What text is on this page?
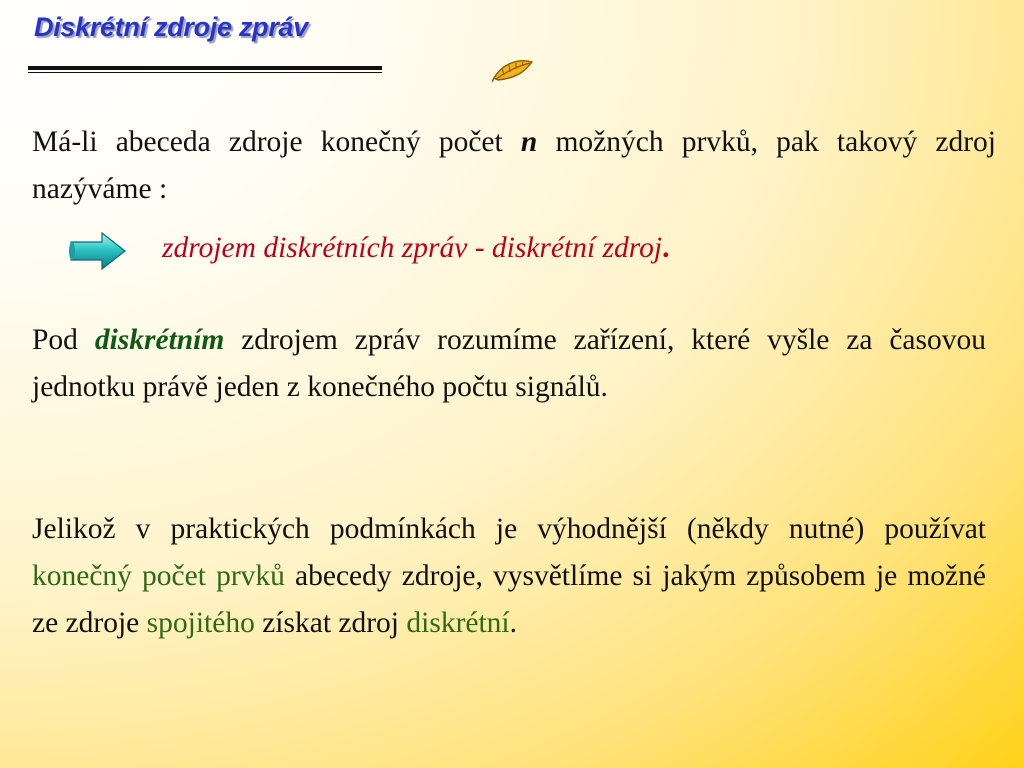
Diskrétní zdroje zpráv

Má-li abeceda zdroje konečný počet n možných prvků, pak takový zdroj nazýváme :

zdrojem diskrétních zpráv - diskrétní zdroj.

Pod diskrétním zdrojem zpráv rozumíme zařízení, které vyšle za časovou jednotku právě jeden z konečného počtu signálů.

Jelikož v praktických podmínkách je výhodnější (někdy nutné) používat konečný počet prvků abecedy zdroje, vysvětlíme si jakým způsobem je možné ze zdroje spojitého získat zdroj diskrétní.
